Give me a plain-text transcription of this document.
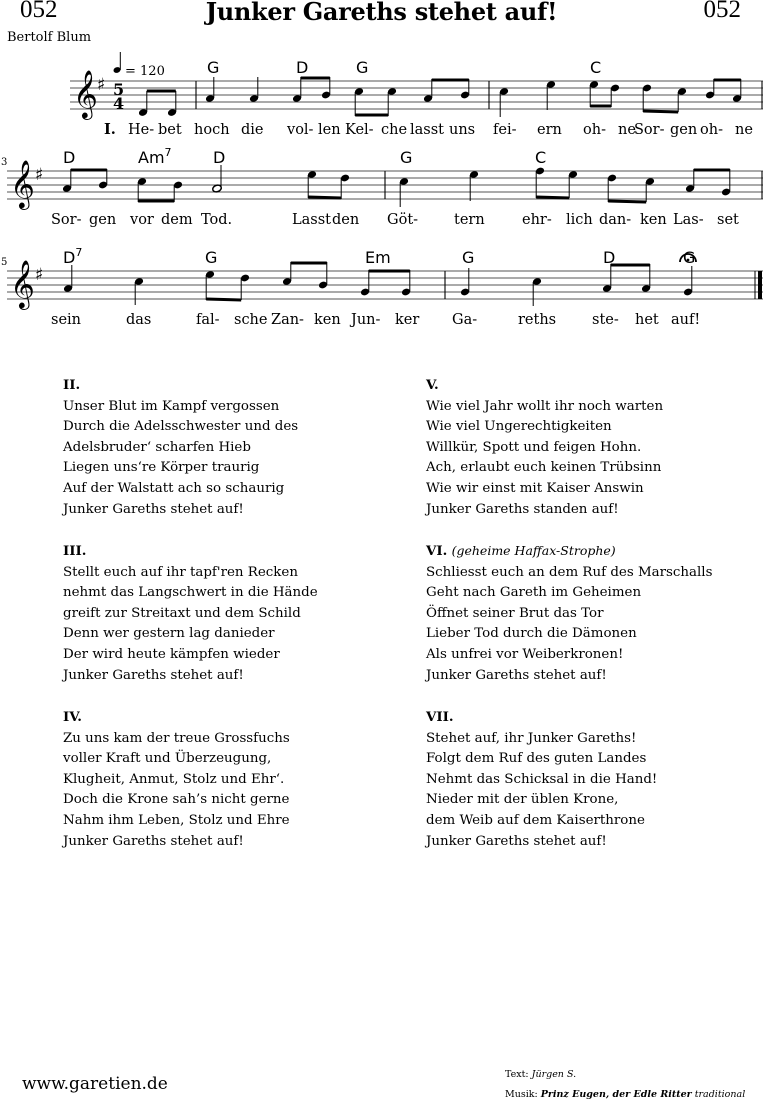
052	Junker Gareths stehet auf!	052
Bertolf Blum
𝄞 ♯ 5
4
= 120
I.
G	D	G	C
He- bet hoch die vol- len Kel- che lasst uns fei- ern oh- ne
Sor- gen oh- ne
3 𝄞 ♯
D	Am$^7$	D	G	C
Sor- gen vor dem Tod.	Lasst den Göt- tern	ehr- lich dan- ken Las- set
5 𝄞 ♯
$D^7$	G	Em	G	D	G
sein	das	fal- sche Zan- ken Jun- ker Ga-	reths ste- het auf!
II.
Unser Blut im Kampf vergossen
Durch die Adelsschwester und des
Adelsbruder‘ scharfen Hieb
Liegen uns‘re Körper traurig
Auf der Walstatt ach so schaurig
Junker Gareths stehet auf!
III.
Stellt euch auf ihr tapf'ren Recken
nehmt das Langschwert in die Hände
greift zur Streitaxt und dem Schild
Denn wer gestern lag danieder
Der wird heute kämpfen wieder
Junker Gareths stehet auf!
IV.
Zu uns kam der treue Grossfuchs
voller Kraft und Überzeugung,
Klugheit, Anmut, Stolz und Ehr‘.
Doch die Krone sah’s nicht gerne
Nahm ihm Leben, Stolz und Ehre
Junker Gareths stehet auf!
V.
Wie viel Jahr wollt ihr noch warten
Wie viel Ungerechtigkeiten
Willkür, Spott und feigen Hohn.
Ach, erlaubt euch keinen Trübsinn
Wie wir einst mit Kaiser Answin
Junker Gareths standen auf!
VI. (geheime Haffax-Strophe)
Schliesst euch an dem Ruf des Marschalls
Geht nach Gareth im Geheimen
Öffnet seiner Brut das Tor
Lieber Tod durch die Dämonen
Als unfrei vor Weiberkronen!
Junker Gareths stehet auf!
VII.
Stehet auf, ihr Junker Gareths!
Folgt dem Ruf des guten Landes
Nehmt das Schicksal in die Hand!
Nieder mit der üblen Krone,
dem Weib auf dem Kaiserthrone
Junker Gareths stehet auf!
www.garetien.de	Text: Jürgen S.
Musik: Prinz Eugen, der Edle Ritter traditional
